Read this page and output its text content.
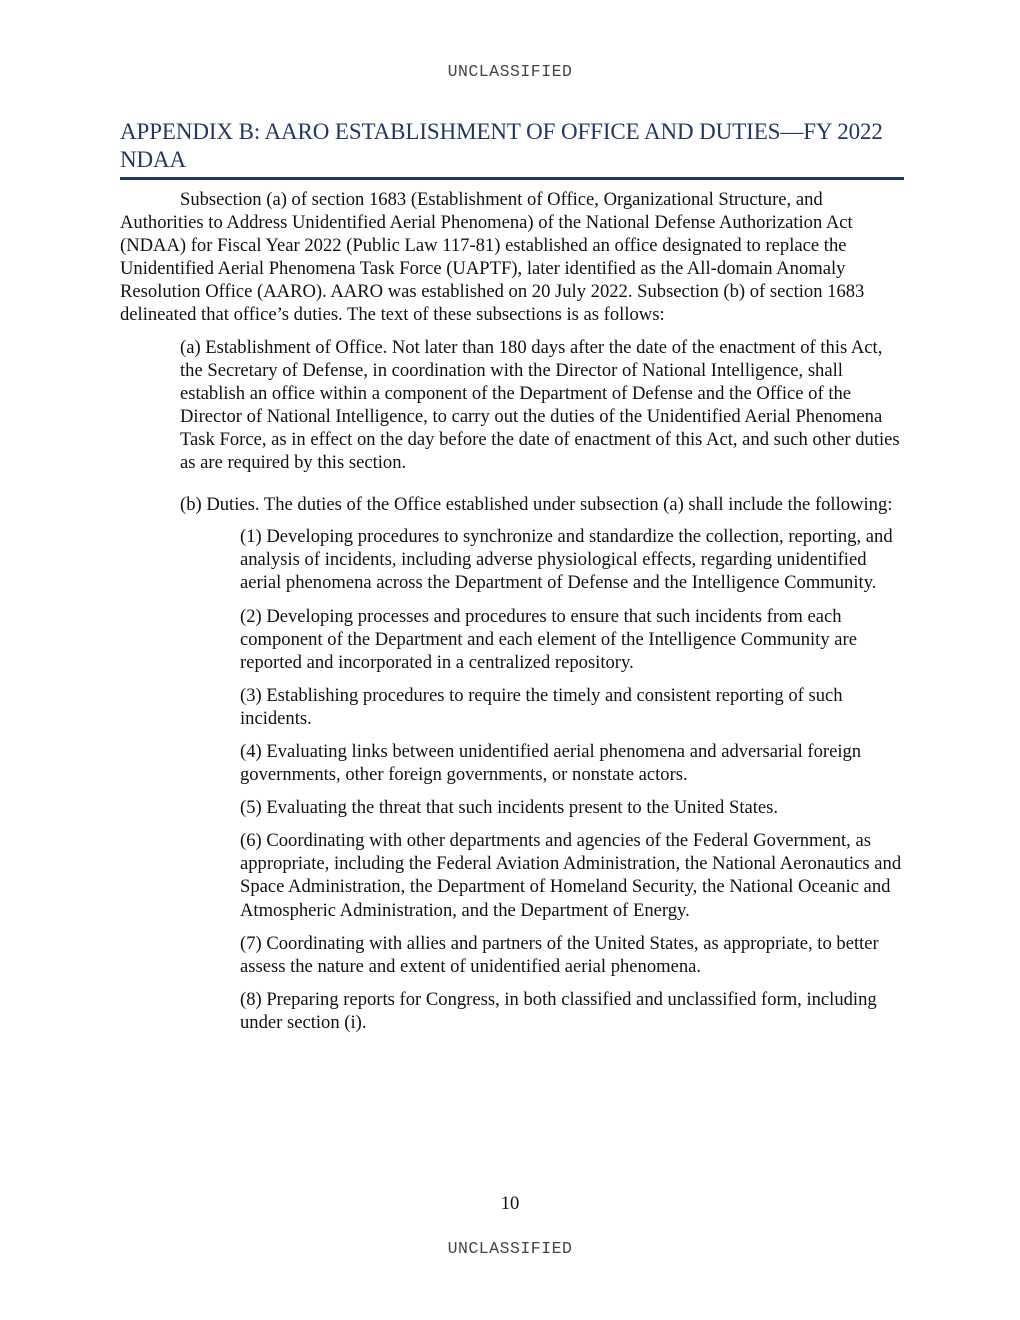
UNCLASSIFIED
APPENDIX B: AARO ESTABLISHMENT OF OFFICE AND DUTIES—FY 2022 NDAA

Subsection (a) of section 1683 (Establishment of Office, Organizational Structure, and Authorities to Address Unidentified Aerial Phenomena) of the National Defense Authorization Act (NDAA) for Fiscal Year 2022 (Public Law 117-81) established an office designated to replace the Unidentified Aerial Phenomena Task Force (UAPTF), later identified as the All-domain Anomaly Resolution Office (AARO). AARO was established on 20 July 2022. Subsection (b) of section 1683 delineated that office’s duties. The text of these subsections is as follows:

(a) Establishment of Office. Not later than 180 days after the date of the enactment of this Act, the Secretary of Defense, in coordination with the Director of National Intelligence, shall establish an office within a component of the Department of Defense and the Office of the Director of National Intelligence, to carry out the duties of the Unidentified Aerial Phenomena Task Force, as in effect on the day before the date of enactment of this Act, and such other duties as are required by this section.

(b) Duties. The duties of the Office established under subsection (a) shall include the following:

(1) Developing procedures to synchronize and standardize the collection, reporting, and analysis of incidents, including adverse physiological effects, regarding unidentified aerial phenomena across the Department of Defense and the Intelligence Community.

(2) Developing processes and procedures to ensure that such incidents from each component of the Department and each element of the Intelligence Community are reported and incorporated in a centralized repository.

(3) Establishing procedures to require the timely and consistent reporting of such incidents.

(4) Evaluating links between unidentified aerial phenomena and adversarial foreign governments, other foreign governments, or nonstate actors.

(5) Evaluating the threat that such incidents present to the United States.

(6) Coordinating with other departments and agencies of the Federal Government, as appropriate, including the Federal Aviation Administration, the National Aeronautics and Space Administration, the Department of Homeland Security, the National Oceanic and Atmospheric Administration, and the Department of Energy.

(7) Coordinating with allies and partners of the United States, as appropriate, to better assess the nature and extent of unidentified aerial phenomena.

(8) Preparing reports for Congress, in both classified and unclassified form, including under section (i).

10
UNCLASSIFIED
